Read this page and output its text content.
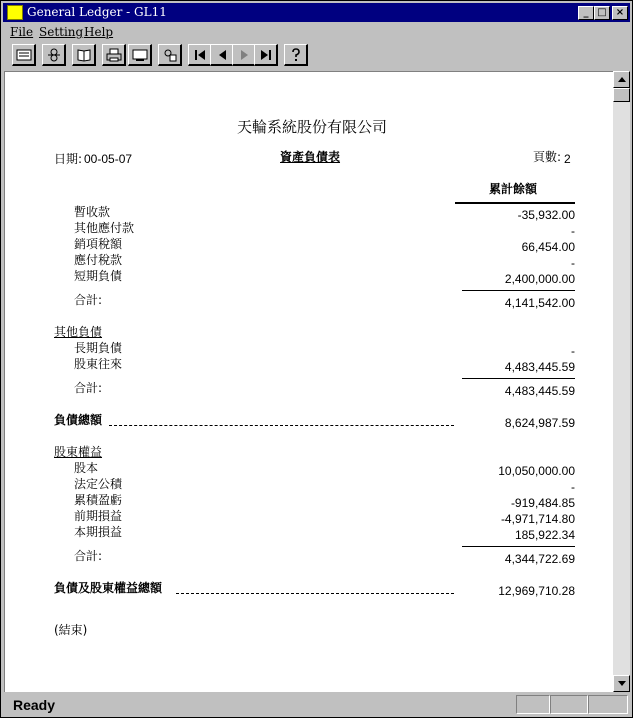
General Ledger - GL11	_ □ ×
File Setting Help
天輪系統股份有限公司
日期: 00-05-07	資產負債表	頁數: 2
累計餘額
暫收款	-35,932.00
其他應付款	-
銷項稅額	66,454.00
應付稅款	-
短期負債	2,400,000.00
合計:	4,141,542.00
其他負債
長期負債	-
股東往來	4,483,445.59
合計:	4,483,445.59
負債總額	8,624,987.59
股東權益
股本	10,050,000.00
法定公積	-
累積盈虧	-919,484.85
前期損益	-4,971,714.80
本期損益	185,922.34
合計:	4,344,722.69
負債及股東權益總額	12,969,710.28
(結束)
Ready
